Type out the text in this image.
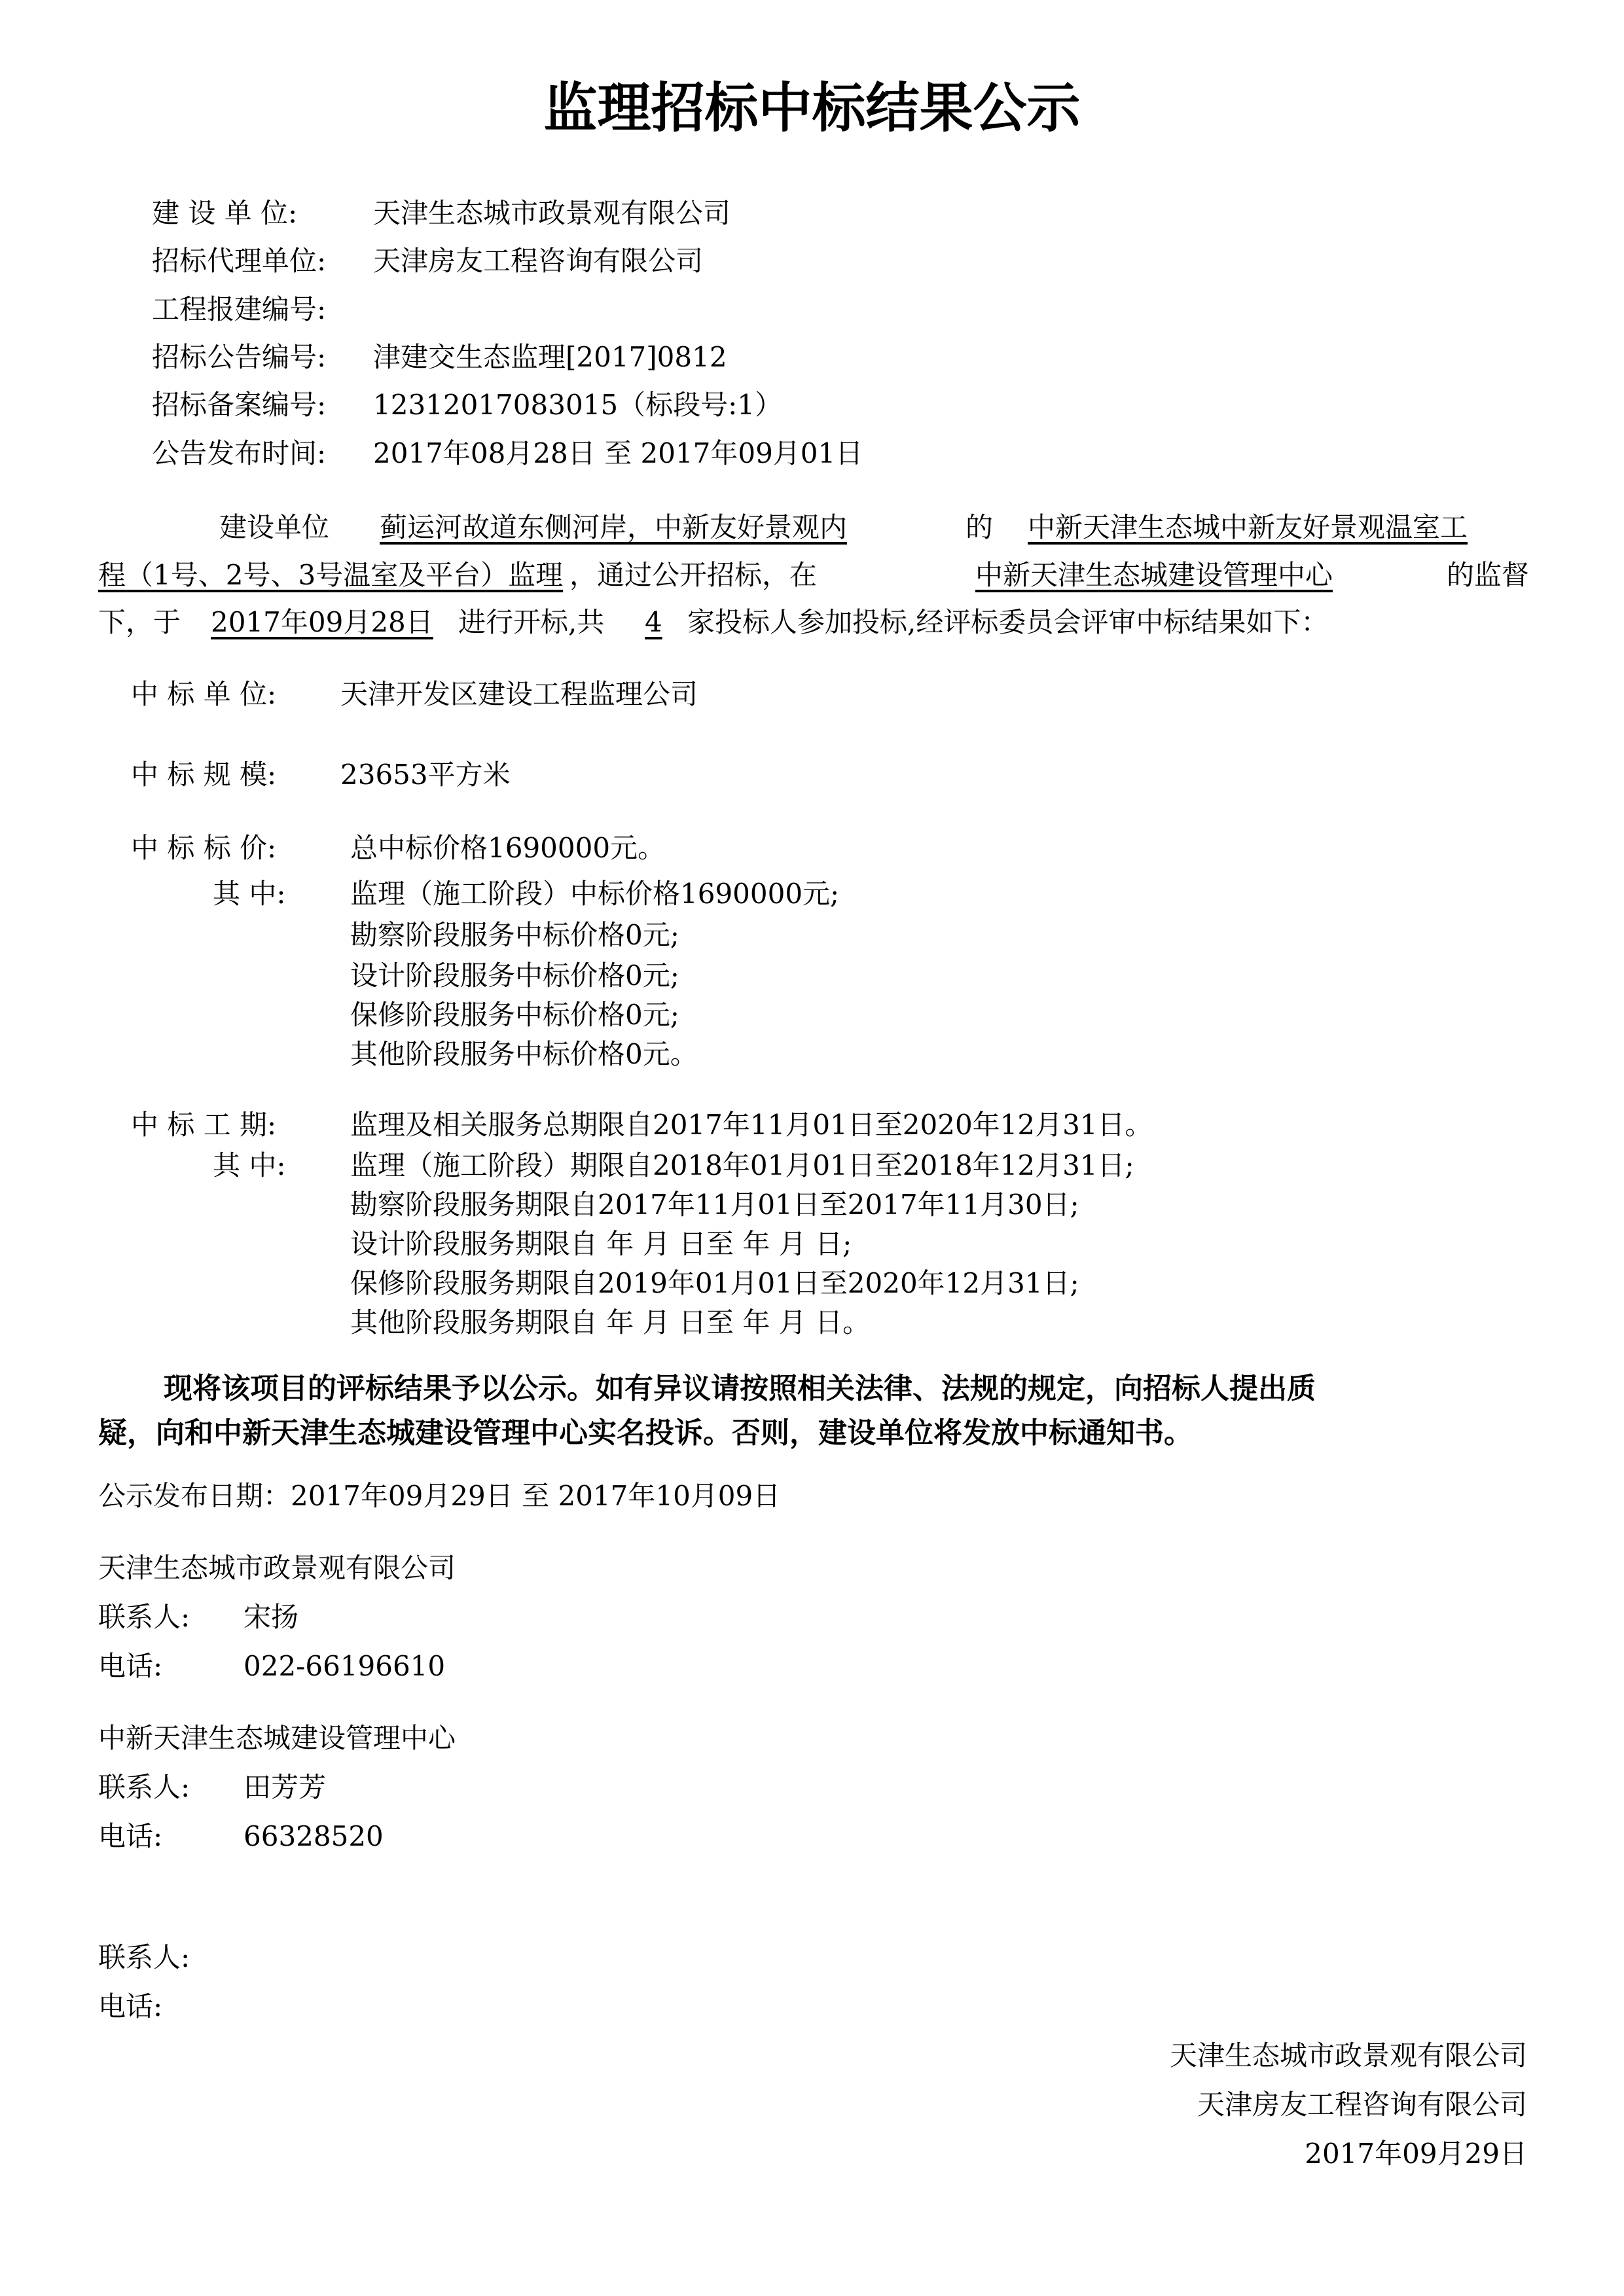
监理招标中标结果公示
建 设 单 位:	天津生态城市政景观有限公司
招标代理单位: 天津房友工程咨询有限公司
工程报建编号:
招标公告编号: 津建交生态监理[2017]0812
招标备案编号: 12312017083015（标段号:1）
公告发布时间: 2017年08月28日 至 2017年09月01日
建设单位 蓟运河故道东侧河岸，中新友好景观内	的 中新天津生态城中新友好景观温室工
程（1号、2号、3号温室及平台）监理 ，通过公开招标，在	中新天津生态城建设管理中心	的监督
下，于 2017年09月28日 进行开标,共 4 家投标人参加投标,经评标委员会评审中标结果如下：
中 标 单 位: 天津开发区建设工程监理公司
中 标 规 模: 23653平方米
中 标 标 价:	总中标价格1690000元。
其 中: 监理（施工阶段）中标价格1690000元;
勘察阶段服务中标价格0元;
设计阶段服务中标价格0元;
保修阶段服务中标价格0元;
其他阶段服务中标价格0元。
中 标 工 期:	监理及相关服务总期限自2017年11月01日至2020年12月31日。
其 中: 监理（施工阶段）期限自2018年01月01日至2018年12月31日;
勘察阶段服务期限自2017年11月01日至2017年11月30日;
设计阶段服务期限自 年 月 日至 年 月 日;
保修阶段服务期限自2019年01月01日至2020年12月31日;
其他阶段服务期限自 年 月 日至 年 月 日。
现将该项目的评标结果予以公示。如有异议请按照相关法律、法规的规定，向招标人提出质
疑，向和中新天津生态城建设管理中心实名投诉。否则，建设单位将发放中标通知书。
公示发布日期：2017年09月29日 至 2017年10月09日
天津生态城市政景观有限公司
联系人: 宋扬
电话:	022-66196610
中新天津生态城建设管理中心
联系人: 田芳芳
电话:	66328520
联系人:
电话:
天津生态城市政景观有限公司
天津房友工程咨询有限公司
2017年09月29日
